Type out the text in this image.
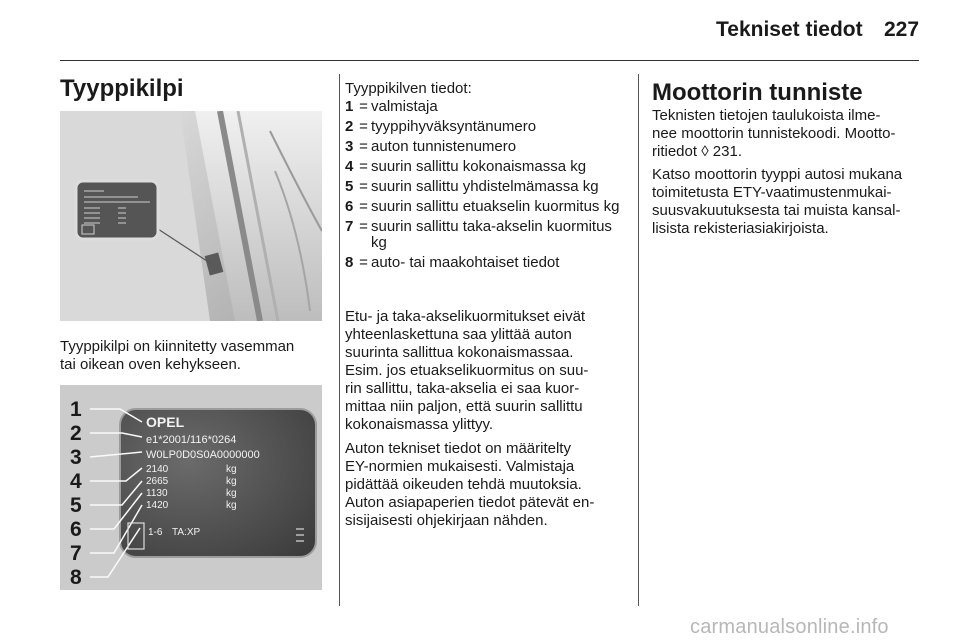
Tekniset tiedot 227
Tyyppikilpi

Tyyppikilpi on kiinnitetty vasemman
tai oikean oven kehykseen.

1
2
3
4
5
6
7
8
OPEL
e1*2001/116*0264
W0LP0D0S0A0000000
2140
2665
1130
1420
kg
kg
kg
kg
1-6 TA:XP

Tyyppikilven tiedot:

1 = valmistaja
2 = tyyppihyväksyntänumero
3 = auton tunnistenumero
4 = suurin sallittu kokonaismassa kg
5 = suurin sallittu yhdistelmämassa kg
6 = suurin sallittu etuakselin kuormitus kg
7 = suurin sallittu taka-akselin kuormitus kg
8 = auto- tai maakohtaiset tiedot

Etu- ja taka-akselikuormitukset eivät
yhteenlaskettuna saa ylittää auton
suurinta sallittua kokonaismassaa.
Esim. jos etuakselikuormitus on suu-
rin sallittu, taka-akselia ei saa kuor-
mittaa niin paljon, että suurin sallittu
kokonaismassa ylittyy.

Auton tekniset tiedot on määritelty
EY-normien mukaisesti. Valmistaja
pidättää oikeuden tehdä muutoksia.
Auton asiapaperien tiedot pätevät en-
sisijaisesti ohjekirjaan nähden.

Moottorin tunniste

Teknisten tietojen taulukoista ilme-
nee moottorin tunnistekoodi. Mootto-
ritiedot ◊ 231.

Katso moottorin tyyppi autosi mukana
toimitetusta ETY-vaatimustenmukai-
suusvakuutuksesta tai muista kansal-
lisista rekisteriasiakirjoista.

carmanualsonline.info
